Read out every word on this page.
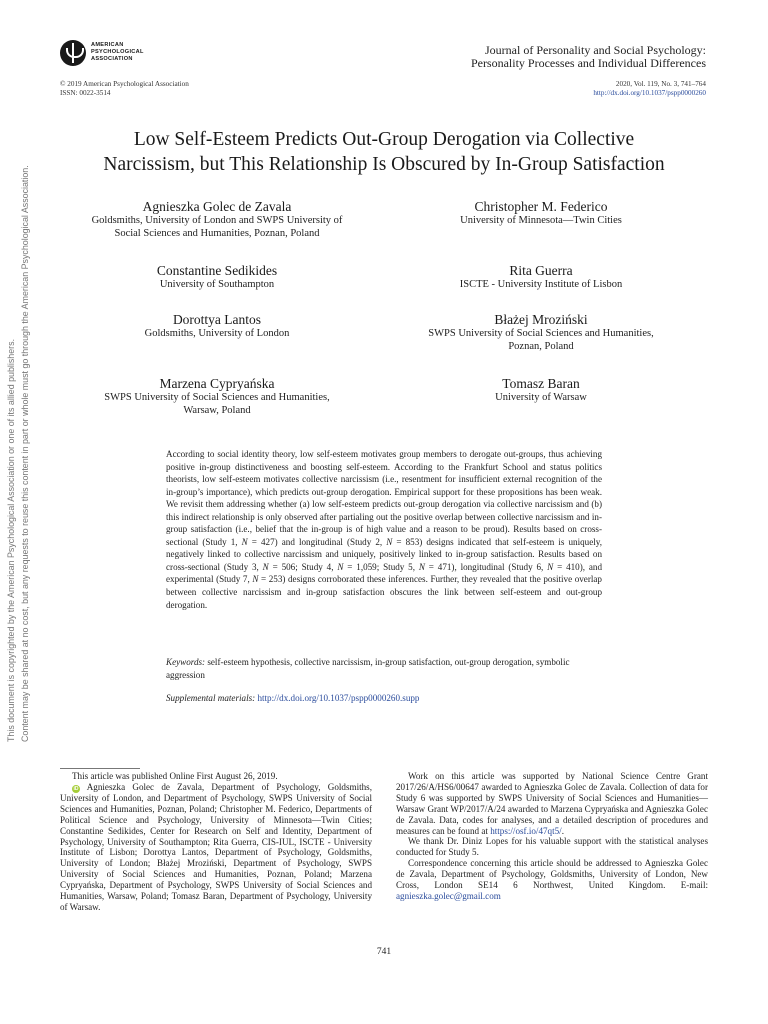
AMERICAN
PSYCHOLOGICAL
ASSOCIATION
Journal of Personality and Social Psychology:
Personality Processes and Individual Differences
© 2019 American Psychological Association
ISSN: 0022-3514
2020, Vol. 119, No. 3, 741–764
http://dx.doi.org/10.1037/pspp0000260
Low Self-Esteem Predicts Out-Group Derogation via Collective
Narcissism, but This Relationship Is Obscured by In-Group Satisfaction
Agnieszka Golec de Zavala
Goldsmiths, University of London and SWPS University of
Social Sciences and Humanities, Poznan, Poland
Christopher M. Federico
University of Minnesota—Twin Cities
Constantine Sedikides
University of Southampton
Rita Guerra
ISCTE - University Institute of Lisbon
Dorottya Lantos
Goldsmiths, University of London
Błażej Mroziński
SWPS University of Social Sciences and Humanities,
Poznan, Poland
Marzena Cypryańska
SWPS University of Social Sciences and Humanities,
Warsaw, Poland
Tomasz Baran
University of Warsaw
According to social identity theory, low self-esteem motivates group members to derogate out-groups, thus achieving positive in-group distinctiveness and boosting self-esteem. According to the Frankfurt School and status politics theorists, low self-esteem motivates collective narcissism (i.e., resentment for insufficient external recognition of the in-group’s importance), which predicts out-group derogation. Empirical support for these propositions has been weak. We revisit them addressing whether (a) low self-esteem predicts out-group derogation via collective narcissism and (b) this indirect relationship is only observed after partialing out the positive overlap between collective narcissism and in-group satisfaction (i.e., belief that the in-group is of high value and a reason to be proud). Results based on cross-sectional (Study 1, N = 427) and longitudinal (Study 2, N = 853) designs indicated that self-esteem is uniquely, negatively linked to collective narcissism and uniquely, positively linked to in-group satisfaction. Results based on cross-sectional (Study 3, N = 506; Study 4, N = 1,059; Study 5, N = 471), longitudinal (Study 6, N = 410), and experimental (Study 7, N = 253) designs corroborated these inferences. Further, they revealed that the positive overlap between collective narcissism and in-group satisfaction obscures the link between self-esteem and out-group derogation.
Keywords: self-esteem hypothesis, collective narcissism, in-group satisfaction, out-group derogation, symbolic aggression
Supplemental materials: http://dx.doi.org/10.1037/pspp0000260.supp
This document is copyrighted by the American Psychological Association or one of its allied publishers. Content may be shared at no cost, but any requests to reuse this content in part or whole must go through the American Psychological Association.

This article was published Online First August 26, 2019.

iD Agnieszka Golec de Zavala, Department of Psychology, Goldsmiths, University of London, and Department of Psychology, SWPS University of Social Sciences and Humanities, Poznan, Poland; Christopher M. Federico, Departments of Political Science and Psychology, University of Minnesota—Twin Cities; Constantine Sedikides, Center for Research on Self and Identity, Department of Psychology, University of Southampton; Rita Guerra, CIS-IUL, ISCTE - University Institute of Lisbon; Dorottya Lantos, Department of Psychology, Goldsmiths, University of London; Błażej Mroziński, Department of Psychology, SWPS University of Social Sciences and Humanities, Poznan, Poland; Marzena Cypryańska, Department of Psychology, SWPS University of Social Sciences and Humanities, Warsaw, Poland; Tomasz Baran, Department of Psychology, University of Warsaw.

Work on this article was supported by National Science Centre Grant 2017/26/A/HS6/00647 awarded to Agnieszka Golec de Zavala. Collection of data for Study 6 was supported by SWPS University of Social Sciences and Humanities—Warsaw Grant WP/2017/A/24 awarded to Marzena Cypryańska and Agnieszka Golec de Zavala. Data, codes for analyses, and a detailed description of procedures and measures can be found at https://osf.io/47qt5/.

We thank Dr. Diniz Lopes for his valuable support with the statistical analyses conducted for Study 5.

Correspondence concerning this article should be addressed to Agnieszka Golec de Zavala, Department of Psychology, Goldsmiths, University of London, New Cross, London SE14 6 Northwest, United Kingdom. E-mail: agnieszka.golec@gmail.com

741
